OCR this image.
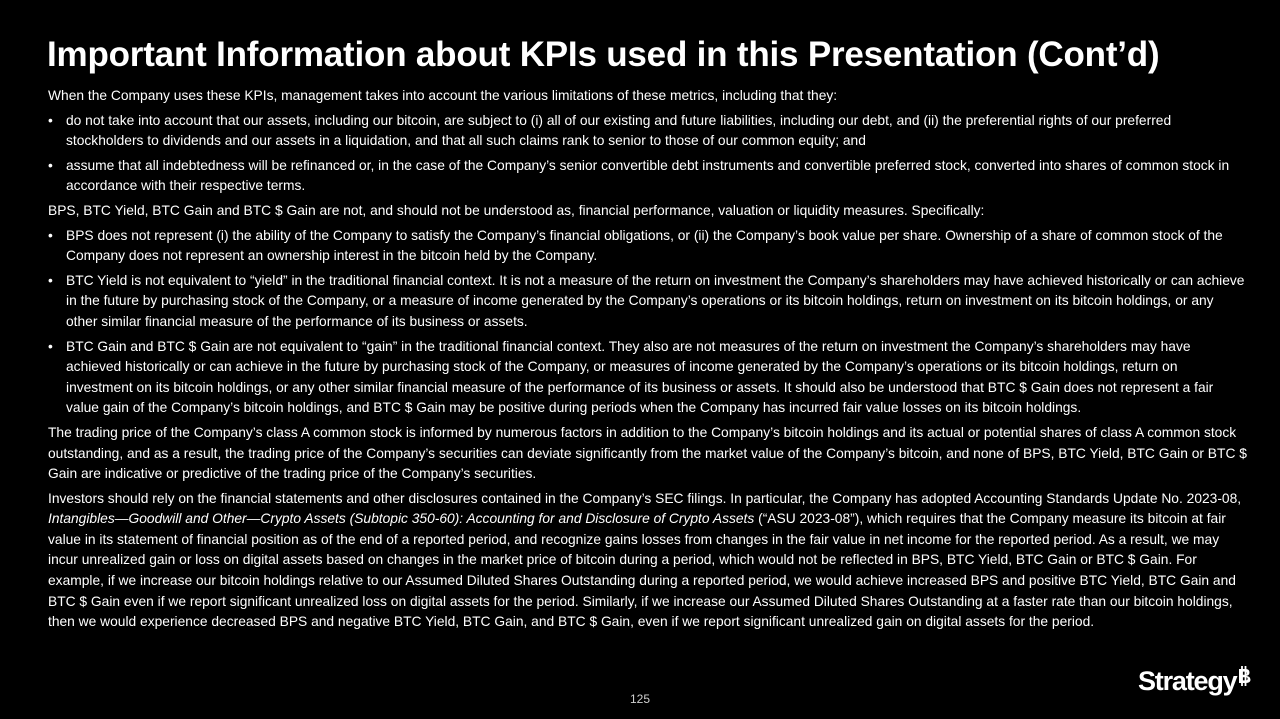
Important Information about KPIs used in this Presentation (Cont’d)

When the Company uses these KPIs, management takes into account the various limitations of these metrics, including that they:

• do not take into account that our assets, including our bitcoin, are subject to (i) all of our existing and future liabilities, including our debt, and (ii) the preferential rights of our preferred stockholders to dividends and our assets in a liquidation, and that all such claims rank to senior to those of our common equity; and
• assume that all indebtedness will be refinanced or, in the case of the Company’s senior convertible debt instruments and convertible preferred stock, converted into shares of common stock in accordance with their respective terms.

BPS, BTC Yield, BTC Gain and BTC $ Gain are not, and should not be understood as, financial performance, valuation or liquidity measures. Specifically:

• BPS does not represent (i) the ability of the Company to satisfy the Company’s financial obligations, or (ii) the Company’s book value per share. Ownership of a share of common stock of the Company does not represent an ownership interest in the bitcoin held by the Company.
• BTC Yield is not equivalent to “yield” in the traditional financial context. It is not a measure of the return on investment the Company’s shareholders may have achieved historically or can achieve in the future by purchasing stock of the Company, or a measure of income generated by the Company’s operations or its bitcoin holdings, return on investment on its bitcoin holdings, or any other similar financial measure of the performance of its business or assets.
• BTC Gain and BTC $ Gain are not equivalent to “gain” in the traditional financial context. They also are not measures of the return on investment the Company’s shareholders may have achieved historically or can achieve in the future by purchasing stock of the Company, or measures of income generated by the Company’s operations or its bitcoin holdings, return on investment on its bitcoin holdings, or any other similar financial measure of the performance of its business or assets. It should also be understood that BTC $ Gain does not represent a fair value gain of the Company’s bitcoin holdings, and BTC $ Gain may be positive during periods when the Company has incurred fair value losses on its bitcoin holdings.

The trading price of the Company’s class A common stock is informed by numerous factors in addition to the Company’s bitcoin holdings and its actual or potential shares of class A common stock outstanding, and as a result, the trading price of the Company’s securities can deviate significantly from the market value of the Company’s bitcoin, and none of BPS, BTC Yield, BTC Gain or BTC $ Gain are indicative or predictive of the trading price of the Company’s securities.

Investors should rely on the financial statements and other disclosures contained in the Company’s SEC filings. In particular, the Company has adopted Accounting Standards Update No. 2023-08, Intangibles—Goodwill and Other—Crypto Assets (Subtopic 350-60): Accounting for and Disclosure of Crypto Assets (“ASU 2023-08”), which requires that the Company measure its bitcoin at fair value in its statement of financial position as of the end of a reported period, and recognize gains losses from changes in the fair value in net income for the reported period. As a result, we may incur unrealized gain or loss on digital assets based on changes in the market price of bitcoin during a period, which would not be reflected in BPS, BTC Yield, BTC Gain or BTC $ Gain. For example, if we increase our bitcoin holdings relative to our Assumed Diluted Shares Outstanding during a reported period, we would achieve increased BPS and positive BTC Yield, BTC Gain and BTC $ Gain even if we report significant unrealized loss on digital assets for the period. Similarly, if we increase our Assumed Diluted Shares Outstanding at a faster rate than our bitcoin holdings, then we would experience decreased BPS and negative BTC Yield, BTC Gain, and BTC $ Gain, even if we report significant unrealized gain on digital assets for the period.

125
Strategy
